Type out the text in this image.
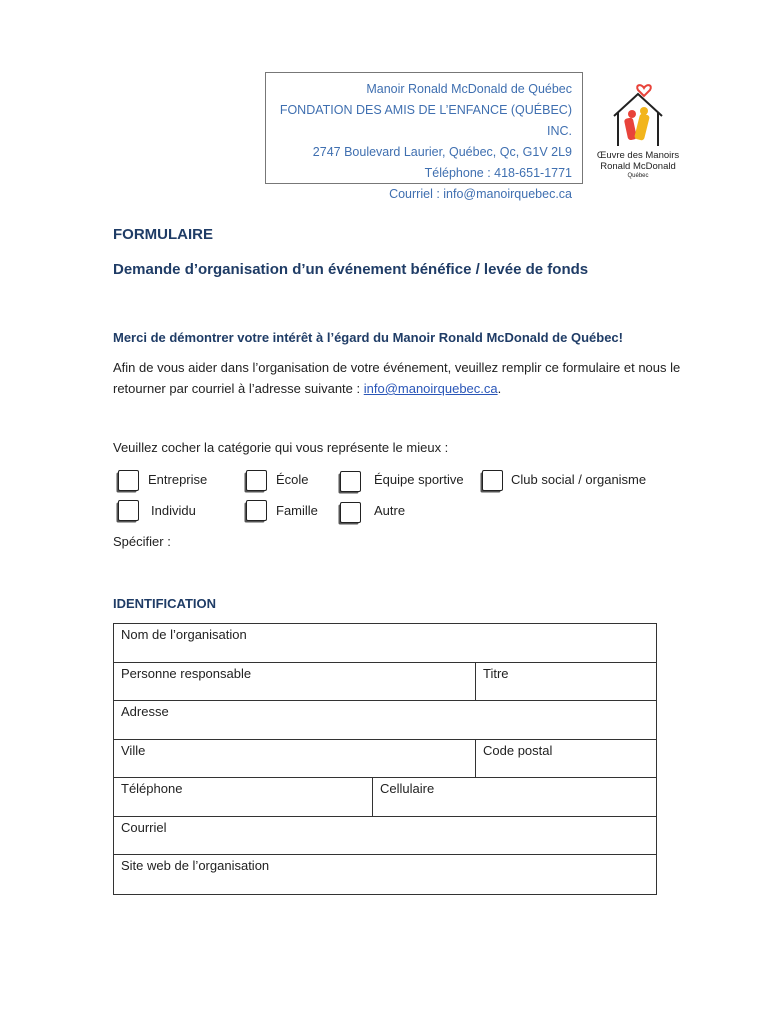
Manoir Ronald McDonald de Québec
FONDATION DES AMIS DE L’ENFANCE (QUÉBEC) INC.
2747 Boulevard Laurier, Québec, Qc, G1V 2L9
Téléphone : 418-651-1771
Courriel : info@manoirquebec.ca
Œuvre des Manoirs
Ronald McDonald
Québec
FORMULAIRE
Demande d’organisation d’un événement bénéfice / levée de fonds
Merci de démontrer votre intérêt à l’égard du Manoir Ronald McDonald de Québec!
Afin de vous aider dans l’organisation de votre événement, veuillez remplir ce formulaire et nous le retourner par courriel à l’adresse suivante : info@manoirquebec.ca.
Veuillez cocher la catégorie qui vous représente le mieux :
Entreprise	École	Équipe sportive	Club social / organisme
Individu	Famille	Autre
Spécifier :
IDENTIFICATION
Nom de l’organisation
Personne responsable	Titre
Adresse
Ville	Code postal
Téléphone	Cellulaire
Courriel
Site web de l’organisation
